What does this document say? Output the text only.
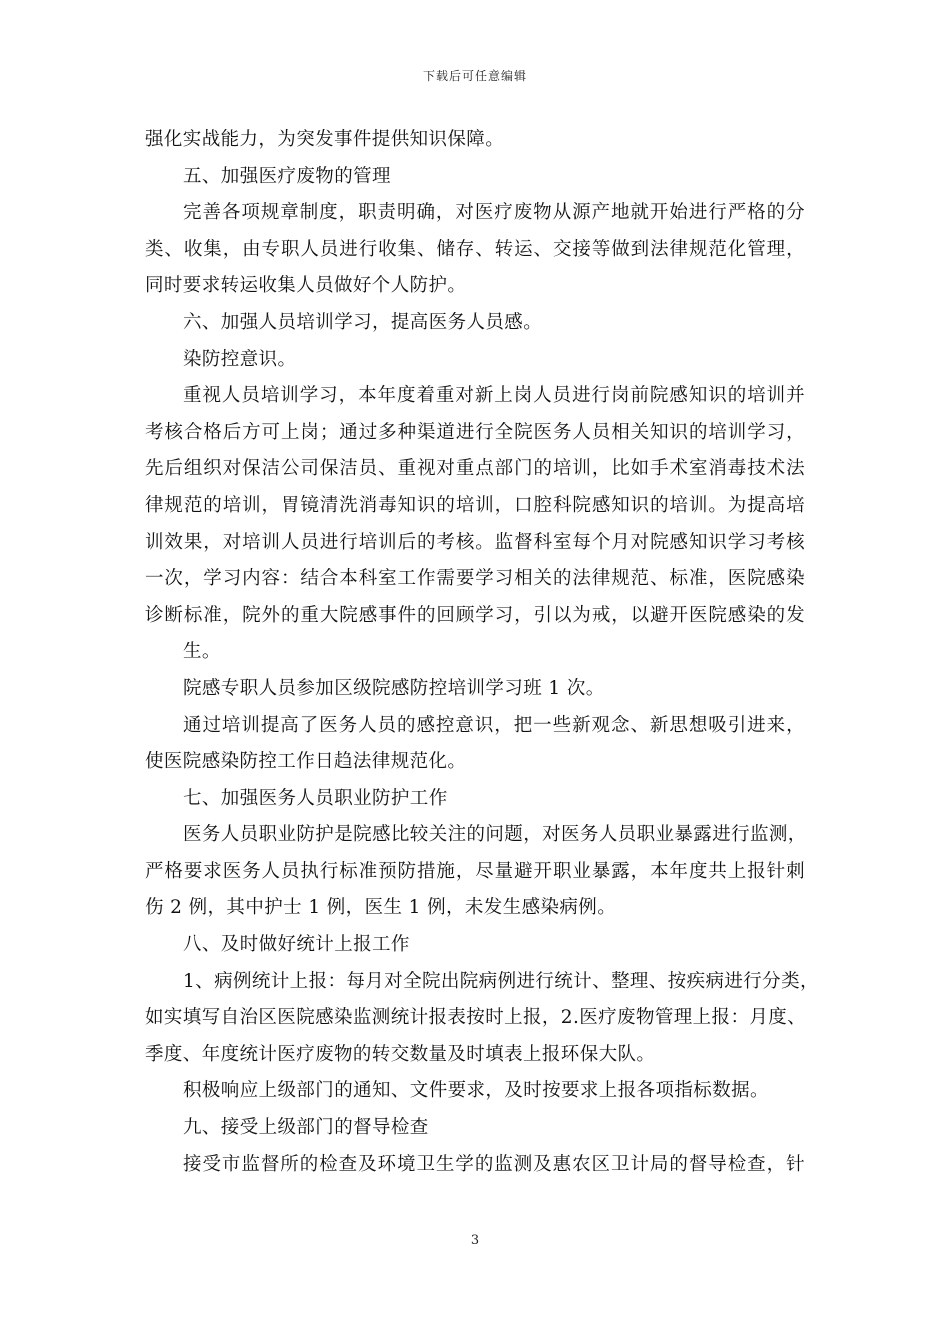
下载后可任意编辑
强化实战能力，为突发事件提供知识保障。
五、加强医疗废物的管理
完善各项规章制度，职责明确，对医疗废物从源产地就开始进行严格的分
类、收集，由专职人员进行收集、储存、转运、交接等做到法律规范化管理，
同时要求转运收集人员做好个人防护。
六、加强人员培训学习，提高医务人员感。
染防控意识。
重视人员培训学习，本年度着重对新上岗人员进行岗前院感知识的培训并
考核合格后方可上岗；通过多种渠道进行全院医务人员相关知识的培训学习，
先后组织对保洁公司保洁员、重视对重点部门的培训，比如手术室消毒技术法
律规范的培训，胃镜清洗消毒知识的培训，口腔科院感知识的培训。为提高培
训效果，对培训人员进行培训后的考核。监督科室每个月对院感知识学习考核
一次，学习内容：结合本科室工作需要学习相关的法律规范、标准，医院感染
诊断标准，院外的重大院感事件的回顾学习，引以为戒，以避开医院感染的发
生。
院感专职人员参加区级院感防控培训学习班 1 次。
通过培训提高了医务人员的感控意识，把一些新观念、新思想吸引进来，
使医院感染防控工作日趋法律规范化。
七、加强医务人员职业防护工作
医务人员职业防护是院感比较关注的问题，对医务人员职业暴露进行监测，
严格要求医务人员执行标准预防措施，尽量避开职业暴露，本年度共上报针刺
伤 2 例，其中护士 1 例，医生 1 例，未发生感染病例。
八、及时做好统计上报工作
1、病例统计上报：每月对全院出院病例进行统计、整理、按疾病进行分类，
如实填写自治区医院感染监测统计报表按时上报，2.医疗废物管理上报：月度、
季度、年度统计医疗废物的转交数量及时填表上报环保大队。
积极响应上级部门的通知、文件要求，及时按要求上报各项指标数据。
九、接受上级部门的督导检查
接受市监督所的检查及环境卫生学的监测及惠农区卫计局的督导检查，针
3
